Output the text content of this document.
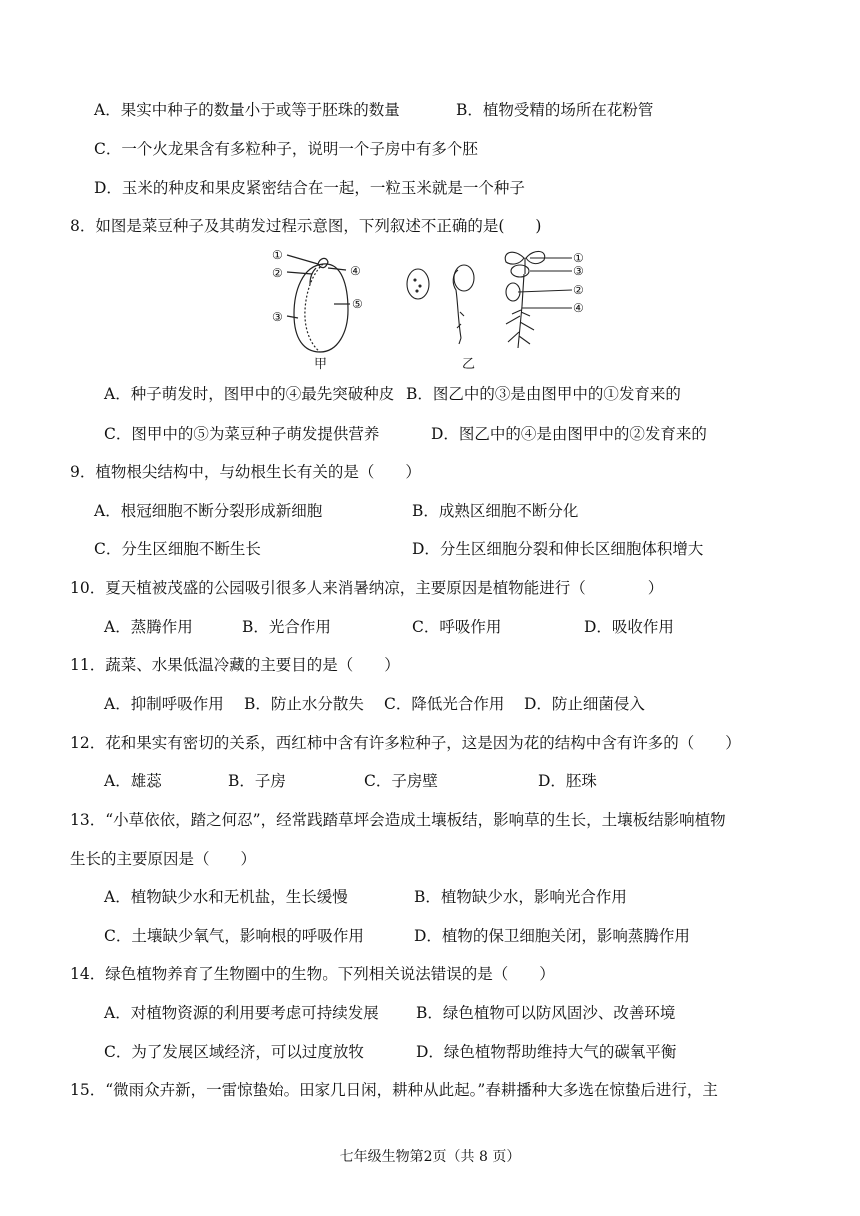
A．果实中种子的数量小于或等于胚珠的数量	B．植物受精的场所在花粉管
C．一个火龙果含有多粒种子，说明一个子房中有多个胚
D．玉米的种皮和果皮紧密结合在一起，一粒玉米就是一个种子
8．如图是菜豆种子及其萌发过程示意图，下列叙述不正确的是(　　)
①
②
③
④
⑤
甲
①
③
②
④
乙
A．种子萌发时，图甲中的④最先突破种皮 B．图乙中的③是由图甲中的①发育来的
C．图甲中的⑤为菜豆种子萌发提供营养	D．图乙中的④是由图甲中的②发育来的
9．植物根尖结构中，与幼根生长有关的是（　　）
A．根冠细胞不断分裂形成新细胞	B．成熟区细胞不断分化
C．分生区细胞不断生长	D．分生区细胞分裂和伸长区细胞体积增大
10．夏天植被茂盛的公园吸引很多人来消暑纳凉，主要原因是植物能进行（　　　　）
A．蒸腾作用	B．光合作用	C．呼吸作用	D．吸收作用
11．蔬菜、水果低温冷藏的主要目的是（　　）
A．抑制呼吸作用 B．防止水分散失 C．降低光合作用 D．防止细菌侵入
12．花和果实有密切的关系，西红柿中含有许多粒种子，这是因为花的结构中含有许多的（　　）
A．雄蕊	B．子房	C．子房壁	D．胚珠
13．“小草依依，踏之何忍”，经常践踏草坪会造成土壤板结，影响草的生长，土壤板结影响植物
生长的主要原因是（　　）
A．植物缺少水和无机盐，生长缓慢	B．植物缺少水，影响光合作用
C．土壤缺少氧气，影响根的呼吸作用	D．植物的保卫细胞关闭，影响蒸腾作用
14．绿色植物养育了生物圈中的生物。下列相关说法错误的是（　　）
A．对植物资源的利用要考虑可持续发展 B．绿色植物可以防风固沙、改善环境
C．为了发展区域经济，可以过度放牧	D．绿色植物帮助维持大气的碳氧平衡
15．“微雨众卉新，一雷惊蛰始。田家几日闲，耕种从此起。”春耕播种大多选在惊蛰后进行，主
七年级生物第2页（共 8 页）
